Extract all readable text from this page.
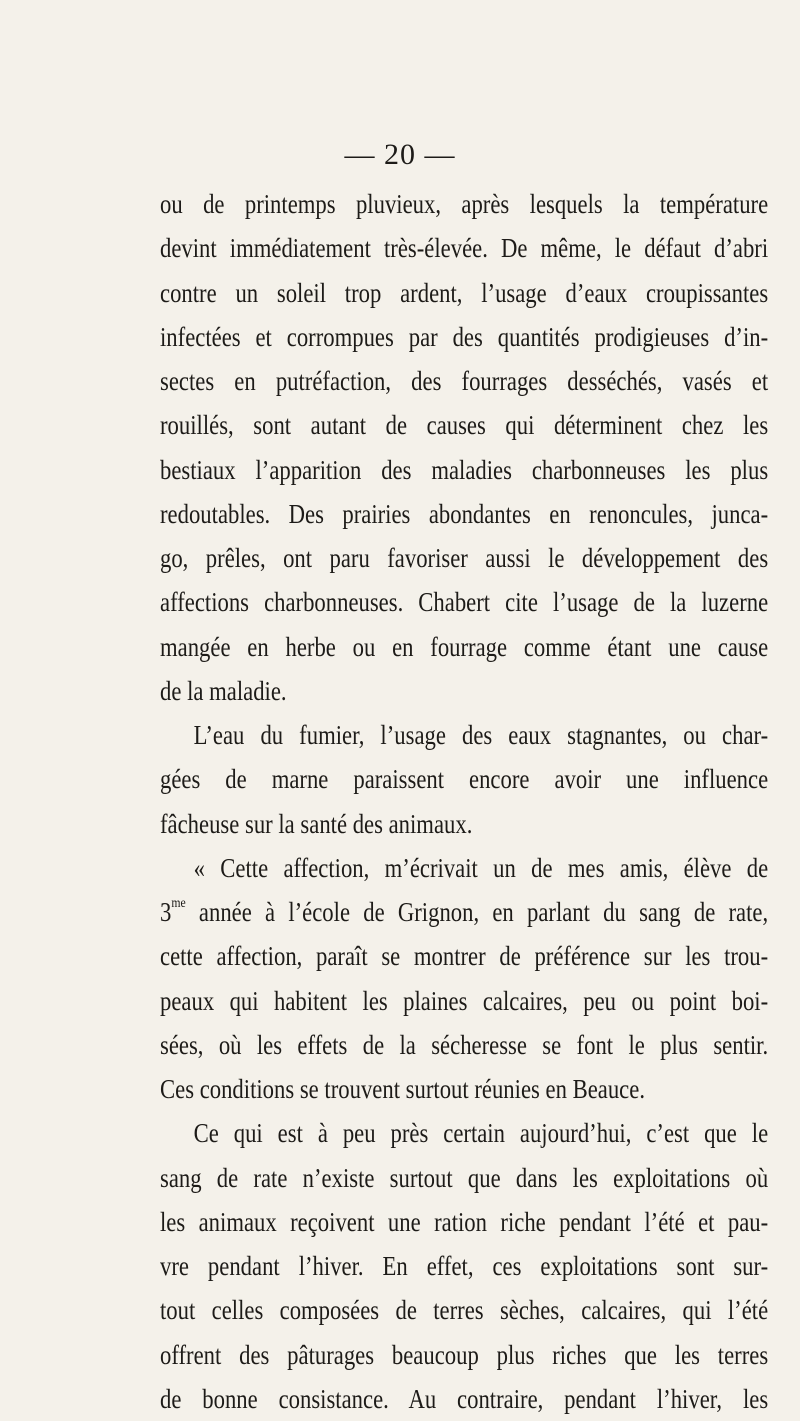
— 20 —
ou de printemps pluvieux, après lesquels la température
devint immédiatement très-élevée. De même, le défaut d’abri
contre un soleil trop ardent, l’usage d’eaux croupissantes
infectées et corrompues par des quantités prodigieuses d’in-
sectes en putréfaction, des fourrages desséchés, vasés et
rouillés, sont autant de causes qui déterminent chez les
bestiaux l’apparition des maladies charbonneuses les plus
redoutables. Des prairies abondantes en renoncules, junca-
go, prêles, ont paru favoriser aussi le développement des
affections charbonneuses. Chabert cite l’usage de la luzerne
mangée en herbe ou en fourrage comme étant une cause
de la maladie.
L’eau du fumier, l’usage des eaux stagnantes, ou char-
gées de marne paraissent encore avoir une influence
fâcheuse sur la santé des animaux.
« Cette affection, m’écrivait un de mes amis, élève de
$3^{me}$ année à l’école de Grignon, en parlant du sang de rate,
cette affection, paraît se montrer de préférence sur les trou-
peaux qui habitent les plaines calcaires, peu ou point boi-
sées, où les effets de la sécheresse se font le plus sentir.
Ces conditions se trouvent surtout réunies en Beauce.
Ce qui est à peu près certain aujourd’hui, c’est que le
sang de rate n’existe surtout que dans les exploitations où
les animaux reçoivent une ration riche pendant l’été et pau-
vre pendant l’hiver. En effet, ces exploitations sont sur-
tout celles composées de terres sèches, calcaires, qui l’été
offrent des pâturages beaucoup plus riches que les terres
de bonne consistance. Au contraire, pendant l’hiver, les
